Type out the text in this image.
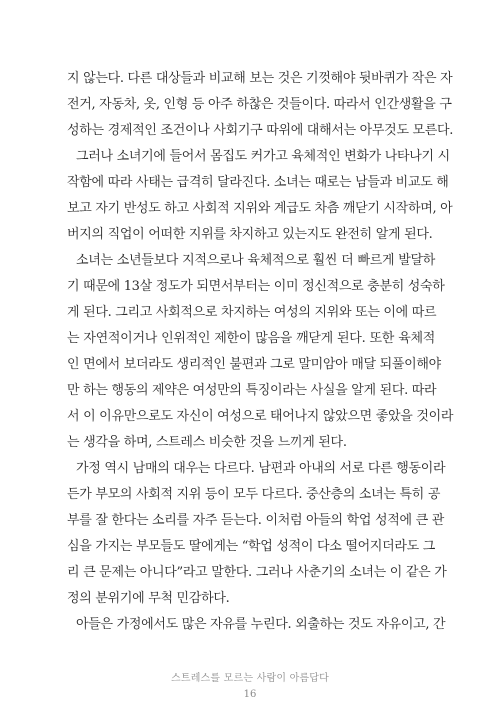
지 않는다. 다른 대상들과 비교해 보는 것은 기껏해야 뒷바퀴가 작은 자
전거, 자동차, 옷, 인형 등 아주 하찮은 것들이다. 따라서 인간생활을 구
성하는 경제적인 조건이나 사회기구 따위에 대해서는 아무것도 모른다.
그러나 소녀기에 들어서 몸집도 커가고 육체적인 변화가 나타나기 시
작함에 따라 사태는 급격히 달라진다. 소녀는 때로는 남들과 비교도 해
보고 자기 반성도 하고 사회적 지위와 계급도 차츰 깨닫기 시작하며, 아
버지의 직업이 어떠한 지위를 차지하고 있는지도 완전히 알게 된다.
소녀는 소년들보다 지적으로나 육체적으로 훨씬 더 빠르게 발달하
기 때문에 13살 정도가 되면서부터는 이미 정신적으로 충분히 성숙하
게 된다. 그리고 사회적으로 차지하는 여성의 지위와 또는 이에 따르
는 자연적이거나 인위적인 제한이 많음을 깨닫게 된다. 또한 육체적
인 면에서 보더라도 생리적인 불편과 그로 말미암아 매달 되풀이해야
만 하는 행동의 제약은 여성만의 특징이라는 사실을 알게 된다. 따라
서 이 이유만으로도 자신이 여성으로 태어나지 않았으면 좋았을 것이라
는 생각을 하며, 스트레스 비슷한 것을 느끼게 된다.
가정 역시 남매의 대우는 다르다. 남편과 아내의 서로 다른 행동이라
든가 부모의 사회적 지위 등이 모두 다르다. 중산층의 소녀는 특히 공
부를 잘 한다는 소리를 자주 듣는다. 이처럼 아들의 학업 성적에 큰 관
심을 가지는 부모들도 딸에게는 “학업 성적이 다소 떨어지더라도 그
리 큰 문제는 아니다”라고 말한다. 그러나 사춘기의 소녀는 이 같은 가
정의 분위기에 무척 민감하다.
아들은 가정에서도 많은 자유를 누린다. 외출하는 것도 자유이고, 간
스트레스를 모르는 사람이 아름답다
16
